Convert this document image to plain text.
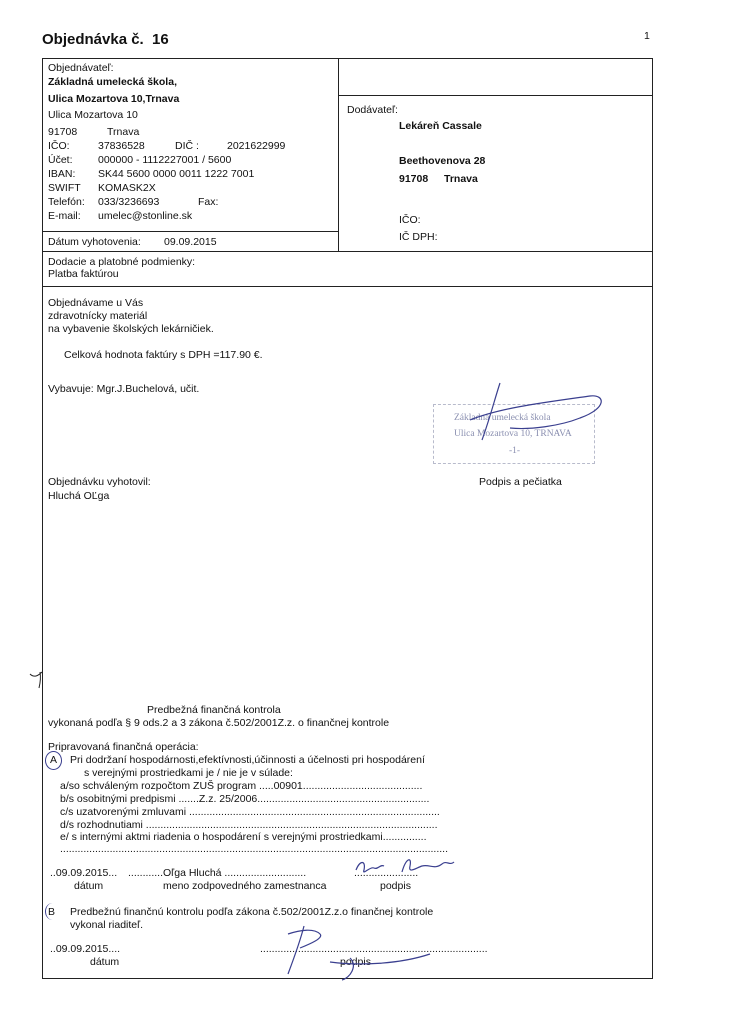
Objednávka č. 16	1
Objednávateľ:
Základná umelecká škola,
Ulica Mozartova 10,Trnava
Ulica Mozartova 10
91708	Trnava
IČO:	37836528	DIČ :	2021622999
Účet: 000000 - 1112227001 / 5600
IBAN: SK44 5600 0000 0011 1222 7001
SWIFT KOMASK2X
Telefón: 033/3236693	Fax:
E-mail: umelec@stonline.sk
Dátum vyhotovenia: 09.09.2015
Dodávateľ:
Lekáreň Cassale
Beethovenova 28
91708 Trnava
IČO:
IČ DPH:
Dodacie a platobné podmienky:
Platba faktúrou
Objednávame u Vás
zdravotnícky materiál
na vybavenie školských lekárničiek.
Celková hodnota faktúry s DPH =117.90 €.
Vybavuje: Mgr.J.Buchelová, učit.
Objednávku vyhotovil:
Hluchá OĽga
Podpis a pečiatka
Základná umelecká škola
Ulica Mozartova 10, TRNAVA
-1-
Predbežná finančná kontrola
vykonaná podľa § 9 ods.2 a 3 zákona č.502/2001Z.z. o finančnej kontrole
Pripravovaná finančná operácia:
A Pri dodržaní hospodárnosti,efektívnosti,účinnosti a účelnosti pri hospodárení
s verejnými prostriedkami je / nie je v súlade:
a/so schváleným rozpočtom ZUŠ program .....00901.........................................
b/s osobitnými predpismi .......Z.z. 25/2006...........................................................
c/s uzatvorenými zmluvami ......................................................................................
d/s rozhodnutiami ....................................................................................................
e/ s internými aktmi riadenia o hospodárení s verejnými prostriedkami...............
.....................................................................................................................................
..09.09.2015... ............Oľga Hluchá ............................	......................
dátum	meno zodpovedného zamestnanca	podpis
B Predbežnú finančnú kontrolu podľa zákona č.502/2001Z.z.o finančnej kontrole
vykonal riaditeľ.
..09.09.2015....	..............................................................................
dátum	podpis
